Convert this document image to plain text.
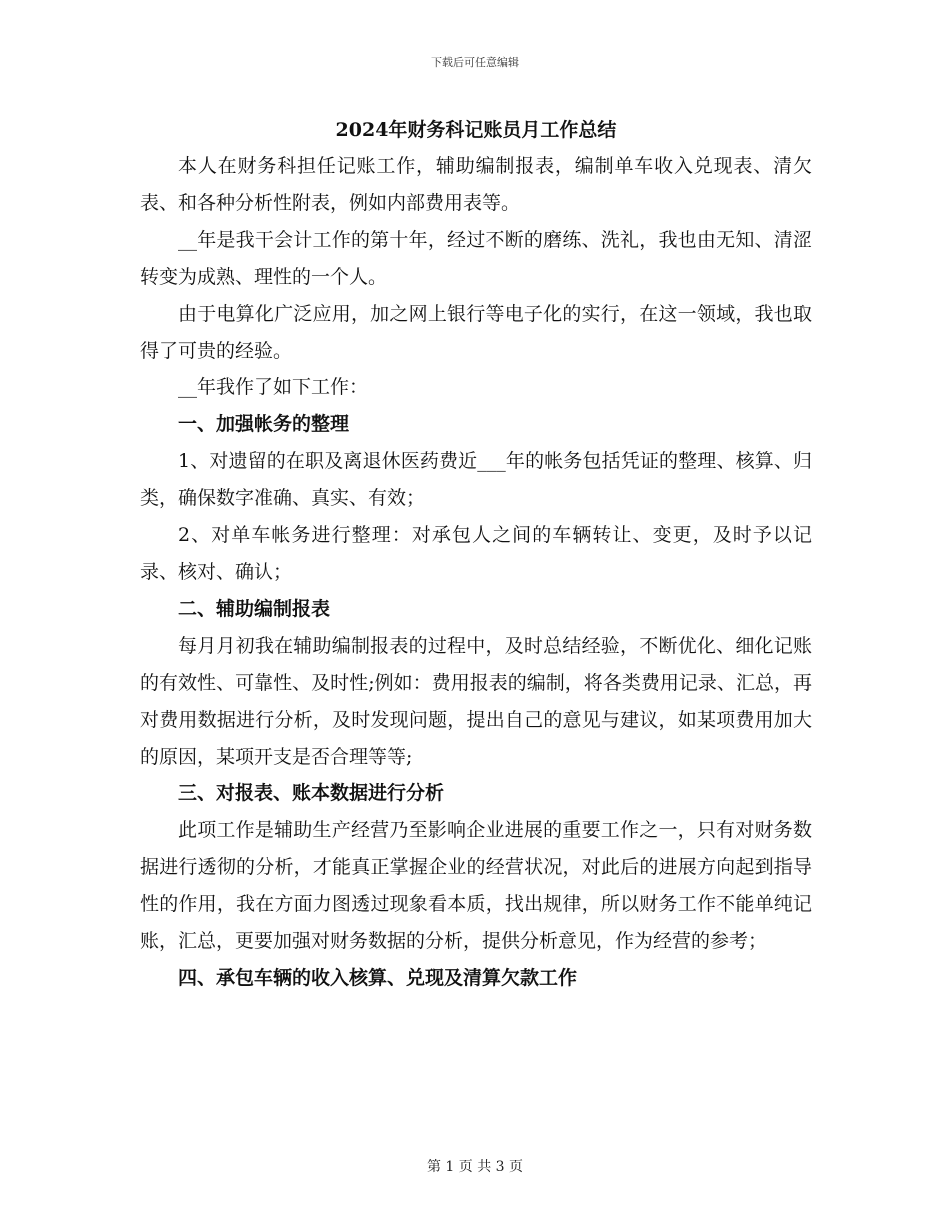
下载后可任意编辑
2024年财务科记账员月工作总结

本人在财务科担任记账工作，辅助编制报表，编制单车收入兑现表、清欠表、和各种分析性附表，例如内部费用表等。

__年是我干会计工作的第十年，经过不断的磨练、洗礼，我也由无知、清涩转变为成熟、理性的一个人。

由于电算化广泛应用，加之网上银行等电子化的实行，在这一领域，我也取得了可贵的经验。

__年我作了如下工作：

一、加强帐务的整理

1、对遗留的在职及离退休医药费近___年的帐务包括凭证的整理、核算、归类，确保数字准确、真实、有效；

2、对单车帐务进行整理：对承包人之间的车辆转让、变更，及时予以记录、核对、确认；

二、辅助编制报表

每月月初我在辅助编制报表的过程中，及时总结经验，不断优化、细化记账的有效性、可靠性、及时性;例如：费用报表的编制，将各类费用记录、汇总，再对费用数据进行分析，及时发现问题，提出自己的意见与建议，如某项费用加大的原因，某项开支是否合理等等;

三、对报表、账本数据进行分析

此项工作是辅助生产经营乃至影响企业进展的重要工作之一，只有对财务数据进行透彻的分析，才能真正掌握企业的经营状况，对此后的进展方向起到指导性的作用，我在方面力图透过现象看本质，找出规律，所以财务工作不能单纯记账，汇总，更要加强对财务数据的分析，提供分析意见，作为经营的参考；

四、承包车辆的收入核算、兑现及清算欠款工作

第 1 页 共 3 页
